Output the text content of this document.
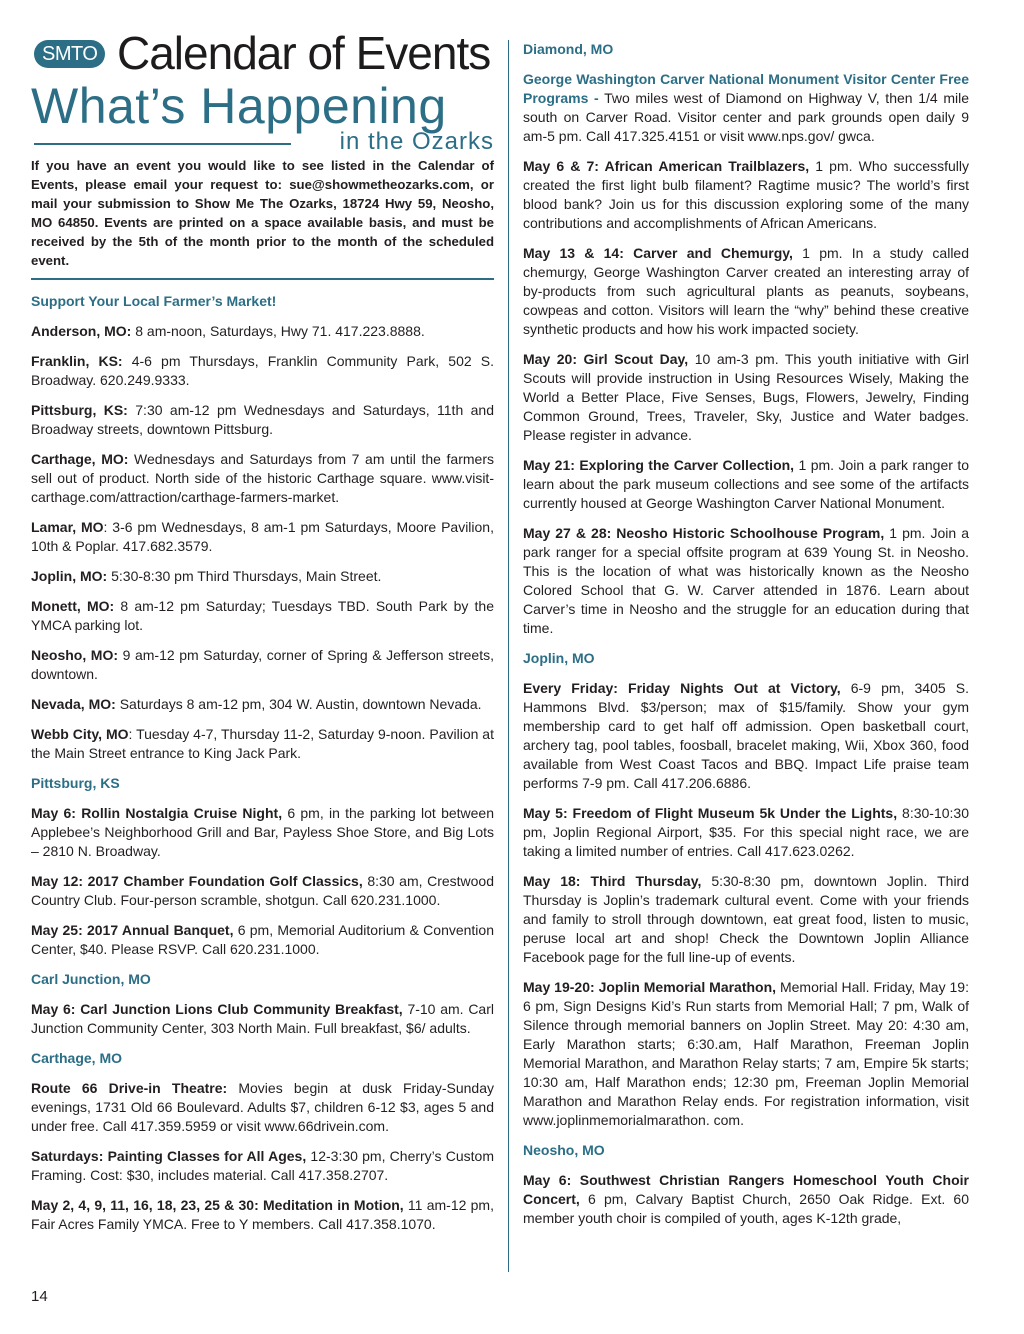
SMTO Calendar of Events
What’s Happening
in the Ozarks
If you have an event you would like to see listed in the Calendar of Events, please email your request to: sue@showmetheozarks.com, or mail your submission to Show Me The Ozarks, 18724 Hwy 59, Neosho, MO 64850. Events are printed on a space available basis, and must be received by the 5th of the month prior to the month of the scheduled event.
Support Your Local Farmer’s Market!
Anderson, MO: 8 am-noon, Saturdays, Hwy 71. 417.223.8888.
Franklin, KS: 4-6 pm Thursdays, Franklin Community Park, 502 S. Broadway. 620.249.9333.
Pittsburg, KS: 7:30 am-12 pm Wednesdays and Saturdays, 11th and Broadway streets, downtown Pittsburg.
Carthage, MO: Wednesdays and Saturdays from 7 am until the farmers sell out of product. North side of the historic Carthage square. www.visit-carthage.com/attraction/carthage-farmers-market.
Lamar, MO: 3-6 pm Wednesdays, 8 am-1 pm Saturdays, Moore Pavilion, 10th & Poplar. 417.682.3579.
Joplin, MO: 5:30-8:30 pm Third Thursdays, Main Street.
Monett, MO: 8 am-12 pm Saturday; Tuesdays TBD. South Park by the YMCA parking lot.
Neosho, MO: 9 am-12 pm Saturday, corner of Spring & Jefferson streets, downtown.
Nevada, MO: Saturdays 8 am-12 pm, 304 W. Austin, downtown Nevada.
Webb City, MO: Tuesday 4-7, Thursday 11-2, Saturday 9-noon. Pavilion at the Main Street entrance to King Jack Park.
Pittsburg, KS
May 6: Rollin Nostalgia Cruise Night, 6 pm, in the parking lot between Applebee’s Neighborhood Grill and Bar, Payless Shoe Store, and Big Lots – 2810 N. Broadway.
May 12: 2017 Chamber Foundation Golf Classics, 8:30 am, Crestwood Country Club. Four-person scramble, shotgun. Call 620.231.1000.
May 25: 2017 Annual Banquet, 6 pm, Memorial Auditorium & Convention Center, $40. Please RSVP. Call 620.231.1000.
Carl Junction, MO
May 6: Carl Junction Lions Club Community Breakfast, 7-10 am. Carl Junction Community Center, 303 North Main. Full breakfast, $6/ adults.
Carthage, MO
Route 66 Drive-in Theatre: Movies begin at dusk Friday-Sunday evenings, 1731 Old 66 Boulevard. Adults $7, children 6-12 $3, ages 5 and under free. Call 417.359.5959 or visit www.66drivein.com.
Saturdays: Painting Classes for All Ages, 12-3:30 pm, Cherry’s Custom Framing. Cost: $30, includes material. Call 417.358.2707.
May 2, 4, 9, 11, 16, 18, 23, 25 & 30: Meditation in Motion, 11 am-12 pm, Fair Acres Family YMCA. Free to Y members. Call 417.358.1070.
Diamond, MO
George Washington Carver National Monument Visitor Center Free Programs - Two miles west of Diamond on Highway V, then 1/4 mile south on Carver Road. Visitor center and park grounds open daily 9 am-5 pm. Call 417.325.4151 or visit www.nps.gov/ gwca.
May 6 & 7: African American Trailblazers, 1 pm. Who successfully created the first light bulb filament? Ragtime music? The world’s first blood bank? Join us for this discussion exploring some of the many contributions and accomplishments of African Americans.
May 13 & 14: Carver and Chemurgy, 1 pm. In a study called chemurgy, George Washington Carver created an interesting array of by-products from such agricultural plants as peanuts, soybeans, cowpeas and cotton. Visitors will learn the “why” behind these creative synthetic products and how his work impacted society.
May 20: Girl Scout Day, 10 am-3 pm. This youth initiative with Girl Scouts will provide instruction in Using Resources Wisely, Making the World a Better Place, Five Senses, Bugs, Flowers, Jewelry, Finding Common Ground, Trees, Traveler, Sky, Justice and Water badges. Please register in advance.
May 21: Exploring the Carver Collection, 1 pm. Join a park ranger to learn about the park museum collections and see some of the artifacts currently housed at George Washington Carver National Monument.
May 27 & 28: Neosho Historic Schoolhouse Program, 1 pm. Join a park ranger for a special offsite program at 639 Young St. in Neosho. This is the location of what was historically known as the Neosho Colored School that G. W. Carver attended in 1876. Learn about Carver’s time in Neosho and the struggle for an education during that time.
Joplin, MO
Every Friday: Friday Nights Out at Victory, 6-9 pm, 3405 S. Hammons Blvd. $3/person; max of $15/family. Show your gym membership card to get half off admission. Open basketball court, archery tag, pool tables, foosball, bracelet making, Wii, Xbox 360, food available from West Coast Tacos and BBQ. Impact Life praise team performs 7-9 pm. Call 417.206.6886.
May 5: Freedom of Flight Museum 5k Under the Lights, 8:30-10:30 pm, Joplin Regional Airport, $35. For this special night race, we are taking a limited number of entries. Call 417.623.0262.
May 18: Third Thursday, 5:30-8:30 pm, downtown Joplin. Third Thursday is Joplin’s trademark cultural event. Come with your friends and family to stroll through downtown, eat great food, listen to music, peruse local art and shop! Check the Downtown Joplin Alliance Facebook page for the full line-up of events.
May 19-20: Joplin Memorial Marathon, Memorial Hall. Friday, May 19: 6 pm, Sign Designs Kid’s Run starts from Memorial Hall; 7 pm, Walk of Silence through memorial banners on Joplin Street. May 20: 4:30 am, Early Marathon starts; 6:30.am, Half Marathon, Freeman Joplin Memorial Marathon, and Marathon Relay starts; 7 am, Empire 5k starts; 10:30 am, Half Marathon ends; 12:30 pm, Freeman Joplin Memorial Marathon and Marathon Relay ends. For registration information, visit www.joplinmemorialmarathon. com.
Neosho, MO
May 6: Southwest Christian Rangers Homeschool Youth Choir Concert, 6 pm, Calvary Baptist Church, 2650 Oak Ridge. Ext. 60 member youth choir is compiled of youth, ages K-12th grade,
14
